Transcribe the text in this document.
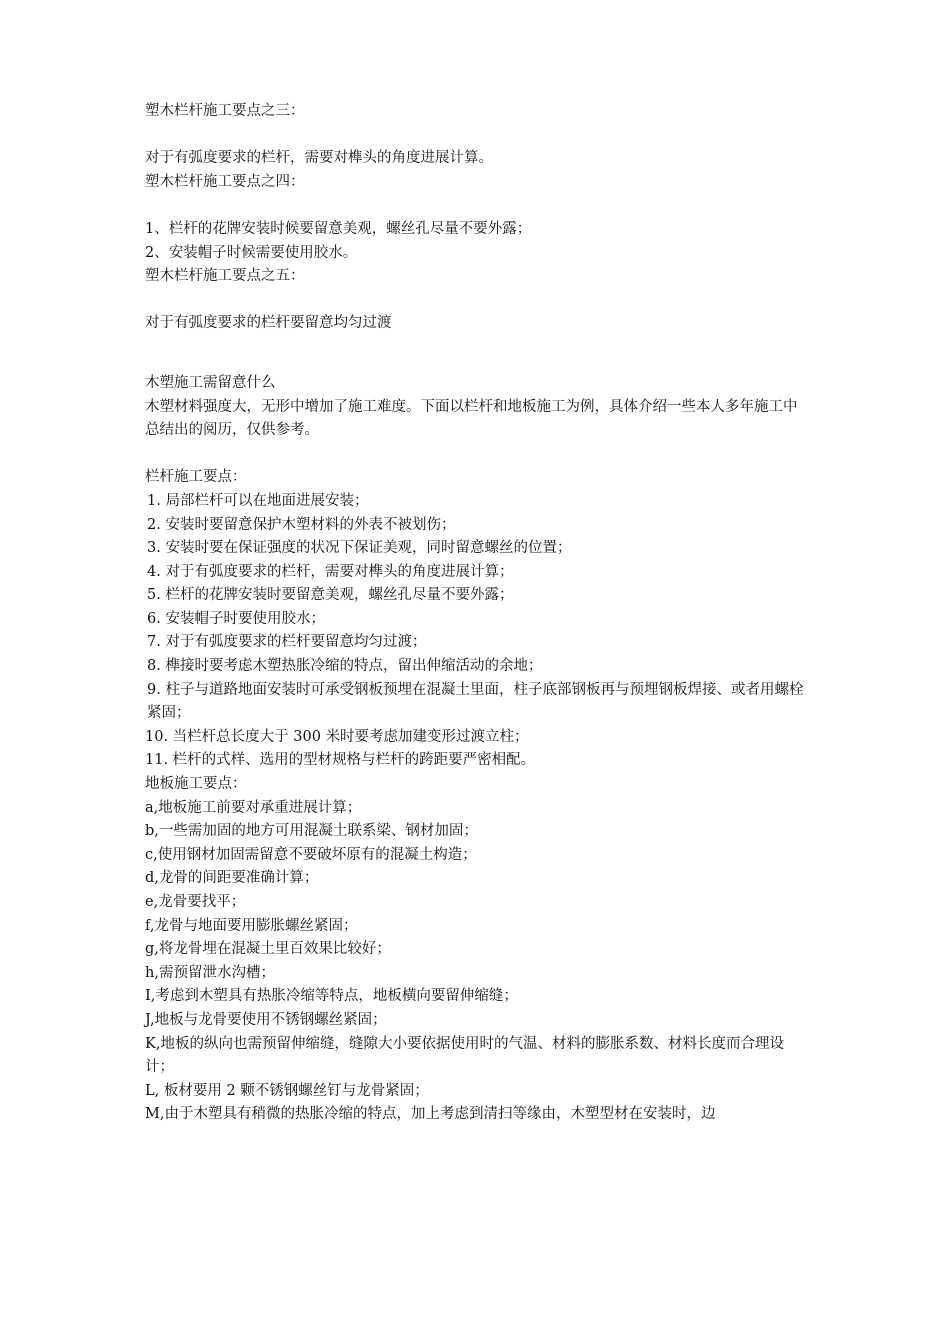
塑木栏杆施工要点之三：
对于有弧度要求的栏杆，需要对榫头的角度进展计算。
塑木栏杆施工要点之四：
1、栏杆的花牌安装时候要留意美观，螺丝孔尽量不要外露；
2、安装帽子时候需要使用胶水。
塑木栏杆施工要点之五：
对于有弧度要求的栏杆要留意均匀过渡
木塑施工需留意什么
木塑材料强度大，无形中增加了施工难度。下面以栏杆和地板施工为例，具体介绍一些本人多年施工中总结出的阅历，仅供参考。
栏杆施工要点：
1. 局部栏杆可以在地面进展安装；
2. 安装时要留意保护木塑材料的外表不被划伤；
3. 安装时要在保证强度的状况下保证美观，同时留意螺丝的位置；
4. 对于有弧度要求的栏杆，需要对榫头的角度进展计算；
5. 栏杆的花牌安装时要留意美观，螺丝孔尽量不要外露；
6. 安装帽子时要使用胶水；
7. 对于有弧度要求的栏杆要留意均匀过渡；
8. 榫接时要考虑木塑热胀冷缩的特点，留出伸缩活动的余地；
9. 柱子与道路地面安装时可承受钢板预埋在混凝土里面，柱子底部钢板再与预埋钢板焊接、或者用螺栓紧固；
10. 当栏杆总长度大于 300 米时要考虑加建变形过渡立柱；
11. 栏杆的式样、选用的型材规格与栏杆的跨距要严密相配。
地板施工要点：
a,地板施工前要对承重进展计算；
b,一些需加固的地方可用混凝土联系梁、钢材加固；
c,使用钢材加固需留意不要破坏原有的混凝土构造；
d,龙骨的间距要准确计算；
e,龙骨要找平；
f,龙骨与地面要用膨胀螺丝紧固；
g,将龙骨埋在混凝土里百效果比较好；
h,需预留泄水沟槽；
I,考虑到木塑具有热胀冷缩等特点，地板横向要留伸缩缝；
J,地板与龙骨要使用不锈钢螺丝紧固；
K,地板的纵向也需预留伸缩缝，缝隙大小要依据使用时的气温、材料的膨胀系数、材料长度而合理设计；
L, 板材要用 2 颗不锈钢螺丝钉与龙骨紧固；
M,由于木塑具有稍微的热胀冷缩的特点，加上考虑到清扫等缘由，木塑型材在安装时，边
